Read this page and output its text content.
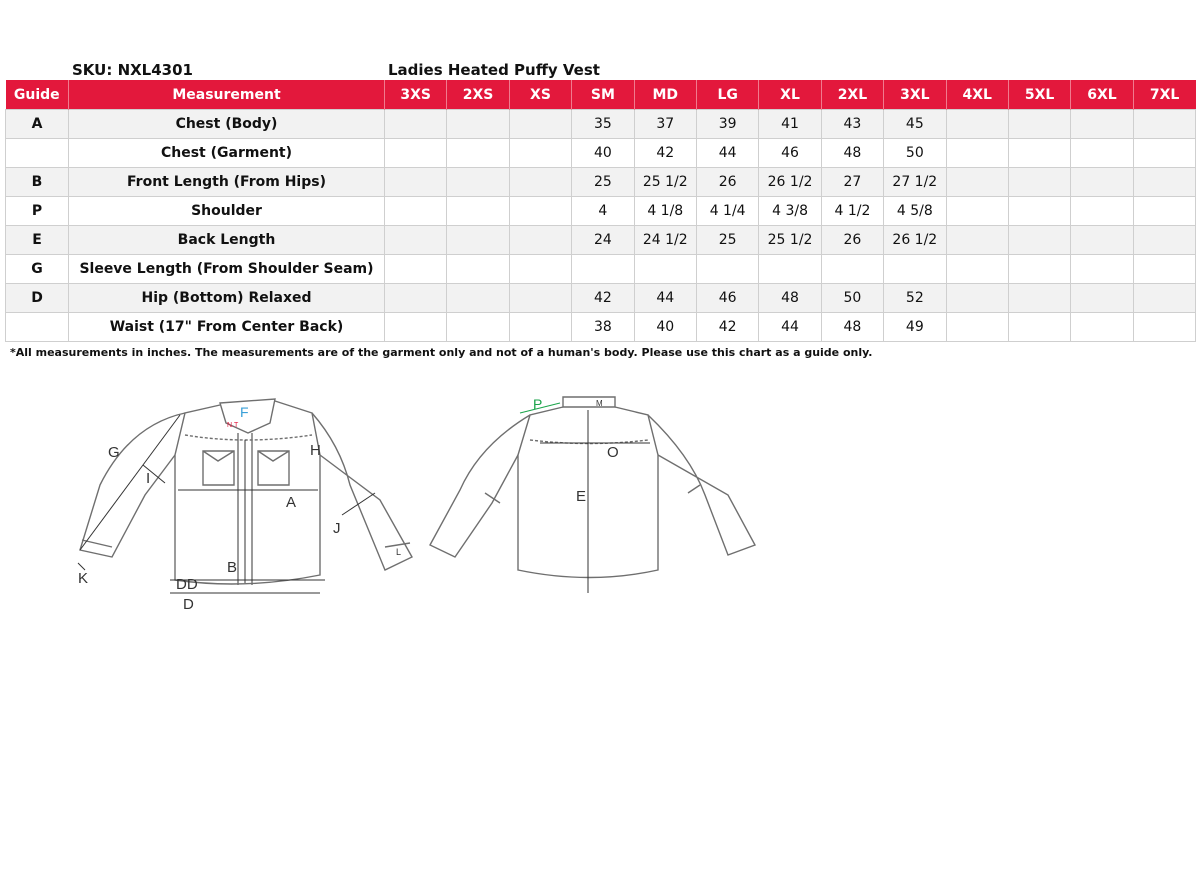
SKU: NXL4301	Ladies Heated Puffy Vest
Guide	Measurement	3XS	2XS	XS	SM	MD	LG	XL	2XL	3XL	4XL	5XL	6XL	7XL
A	Chest (Body)				35	37	39	41	43	45				
	Chest (Garment)				40	42	44	46	48	50				
B	Front Length (From Hips)				25	25 1/2	26	26 1/2	27	27 1/2				
P	Shoulder				4	4 1/8	4 1/4	4 3/8	4 1/2	4 5/8				
E	Back Length				24	24 1/2	25	25 1/2	26	26 1/2				
G	Sleeve Length (From Shoulder Seam)													
D	Hip (Bottom) Relaxed				42	44	46	48	50	52				
	Waist (17" From Center Back)				38	40	42	44	48	49				
*All measurements in inches. The measurements are of the garment only and not of a human's body. Please use this chart as a guide only.
F
N.T
G	H
I
A
J
L
K
B
DD
D
P	M
O
E
